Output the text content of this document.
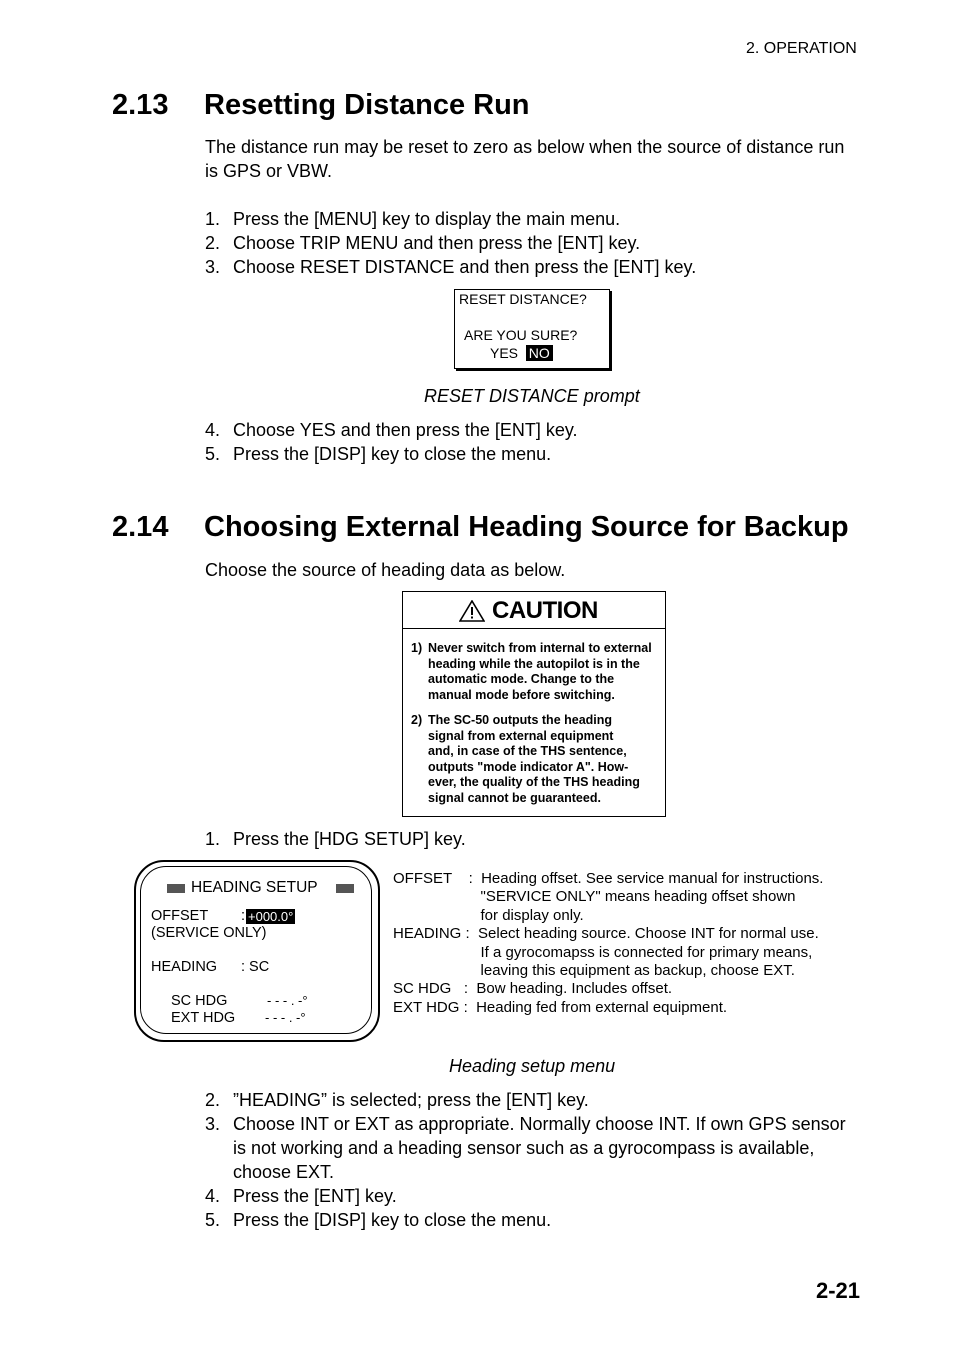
2. OPERATION
2.13 Resetting Distance Run
The distance run may be reset to zero as below when the source of distance run
is GPS or VBW.
1. Press the [MENU] key to display the main menu.
2. Choose TRIP MENU and then press the [ENT] key.
3. Choose RESET DISTANCE and then press the [ENT] key.
RESET DISTANCE?
ARE YOU SURE?
YES NO
RESET DISTANCE prompt
4. Choose YES and then press the [ENT] key.
5. Press the [DISP] key to close the menu.
2.14 Choosing External Heading Source for Backup
Choose the source of heading data as below.
CAUTION
1) Never switch from internal to external
heading while the autopilot is in the
automatic mode. Change to the
manual mode before switching.
2) The SC-50 outputs the heading
signal from external equipment
and, in case of the THS sentence,
outputs "mode indicator A". How-
ever, the quality of the THS heading
signal cannot be guaranteed.
1. Press the [HDG SETUP] key.
HEADING SETUP
OFFSET : +000.0°
(SERVICE ONLY)
HEADING : SC
SC HDG	- - - . -°
EXT HDG - - - . -°
OFFSET    :  Heading offset. See service manual for instructions.
"SERVICE ONLY" means heading offset shown
for display only.
HEADING :  Select heading source. Choose INT for normal use.
If a gyrocomapss is connected for primary means,
leaving this equipment as backup, choose EXT.
SC HDG   :  Bow heading. Includes offset.
EXT HDG :  Heading fed from external equipment.
Heading setup menu
2. ”HEADING” is selected; press the [ENT] key.
3. Choose INT or EXT as appropriate. Normally choose INT. If own GPS sensor
is not working and a heading sensor such as a gyrocompass is available,
choose EXT.
4. Press the [ENT] key.
5. Press the [DISP] key to close the menu.
2-21
